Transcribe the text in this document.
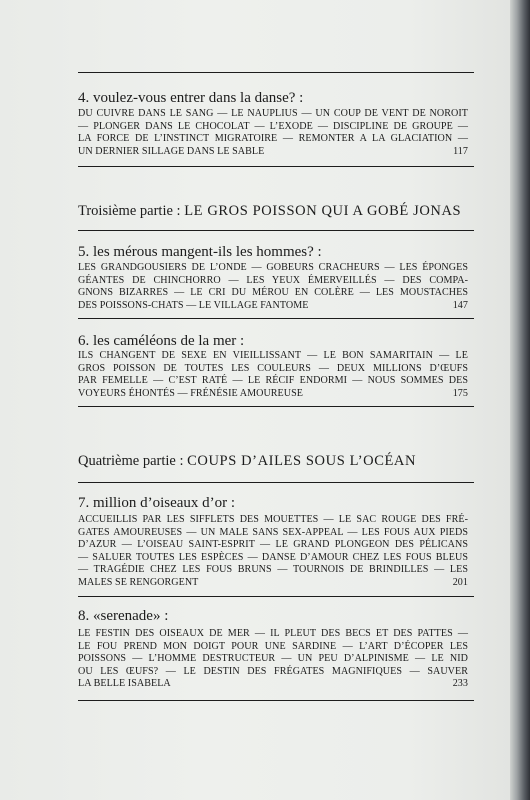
4. voulez-vous entrer dans la danse? :
DU CUIVRE DANS LE SANG — LE NAUPLIUS — UN COUP DE VENT DE NOROIT
— PLONGER DANS LE CHOCOLAT — L’EXODE — DISCIPLINE DE GROUPE —
LA FORCE DE L’INSTINCT MIGRATOIRE — REMONTER A LA GLACIATION —
UN DERNIER SILLAGE DANS LE SABLE	117
Troisième partie : LE GROS POISSON QUI A GOBÉ JONAS
5. les mérous mangent-ils les hommes? :
LES GRANDGOUSIERS DE L’ONDE — GOBEURS CRACHEURS — LES ÉPONGES
GÉANTES DE CHINCHORRO — LES YEUX ÉMERVEILLÉS — DES COMPA-
GNONS BIZARRES — LE CRI DU MÉROU EN COLÈRE — LES MOUSTACHES
DES POISSONS-CHATS — LE VILLAGE FANTOME	147
6. les caméléons de la mer :
ILS CHANGENT DE SEXE EN VIEILLISSANT — LE BON SAMARITAIN — LE
GROS POISSON DE TOUTES LES COULEURS — DEUX MILLIONS D’ŒUFS
PAR FEMELLE — C’EST RATÉ — LE RÉCIF ENDORMI — NOUS SOMMES DES
VOYEURS ÉHONTÉS — FRÉNÉSIE AMOUREUSE	175
Quatrième partie : COUPS D’AILES SOUS L’OCÉAN
7. million d’oiseaux d’or :
ACCUEILLIS PAR LES SIFFLETS DES MOUETTES — LE SAC ROUGE DES FRÉ-
GATES AMOUREUSES — UN MALE SANS SEX-APPEAL — LES FOUS AUX PIEDS
D’AZUR — L’OISEAU SAINT-ESPRIT — LE GRAND PLONGEON DES PÉLICANS
— SALUER TOUTES LES ESPÈCES — DANSE D’AMOUR CHEZ LES FOUS BLEUS
— TRAGÉDIE CHEZ LES FOUS BRUNS — TOURNOIS DE BRINDILLES — LES
MALES SE RENGORGENT	201
8. «serenade» :
LE FESTIN DES OISEAUX DE MER — IL PLEUT DES BECS ET DES PATTES —
LE FOU PREND MON DOIGT POUR UNE SARDINE — L’ART D’ÉCOPER LES
POISSONS — L’HOMME DESTRUCTEUR — UN PEU D’ALPINISME — LE NID
OU LES ŒUFS? — LE DESTIN DES FRÉGATES MAGNIFIQUES — SAUVER
LA BELLE ISABELA	233
